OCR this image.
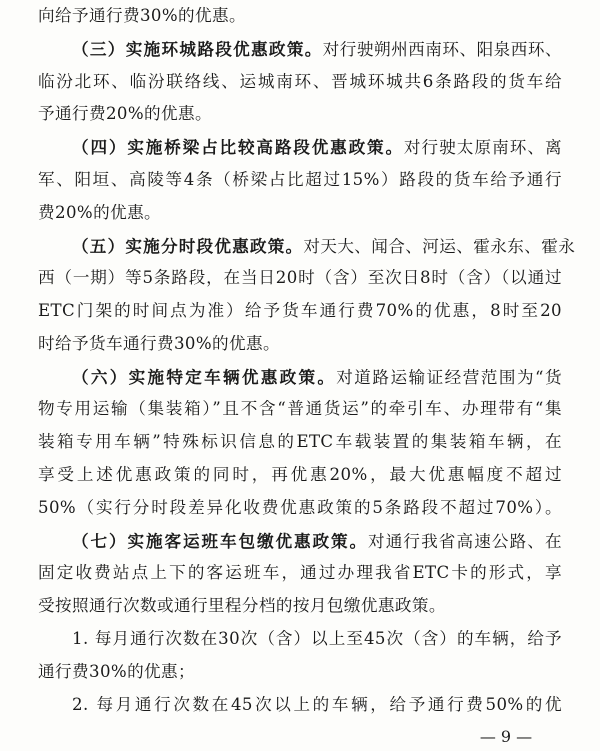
向给予通行费30%的优惠。
（三）实施环城路段优惠政策。对行驶朔州西南环、阳泉西环、
临汾北环、临汾联络线、运城南环、晋城环城共6条路段的货车给
予通行费20%的优惠。
（四）实施桥梁占比较高路段优惠政策。对行驶太原南环、离
军、阳垣、高陵等4条（桥梁占比超过15%）路段的货车给予通行
费20%的优惠。
（五）实施分时段优惠政策。对天大、闻合、河运、霍永东、霍永
西（一期）等5条路段，在当日20时（含）至次日8时（含）（以通过
ETC门架的时间点为准）给予货车通行费70%的优惠，8时至20
时给予货车通行费30%的优惠。
（六）实施特定车辆优惠政策。对道路运输证经营范围为“货
物专用运输（集装箱）”且不含“普通货运”的牵引车、办理带有“集
装箱专用车辆”特殊标识信息的ETC车载装置的集装箱车辆，在
享受上述优惠政策的同时，再优惠20%，最大优惠幅度不超过
50%（实行分时段差异化收费优惠政策的5条路段不超过70%）。
（七）实施客运班车包缴优惠政策。对通行我省高速公路、在
固定收费站点上下的客运班车，通过办理我省ETC卡的形式，享
受按照通行次数或通行里程分档的按月包缴优惠政策。
1. 每月通行次数在30次（含）以上至45次（含）的车辆，给予
通行费30%的优惠；
2. 每月通行次数在45次以上的车辆，给予通行费50%的优
— 9 —
